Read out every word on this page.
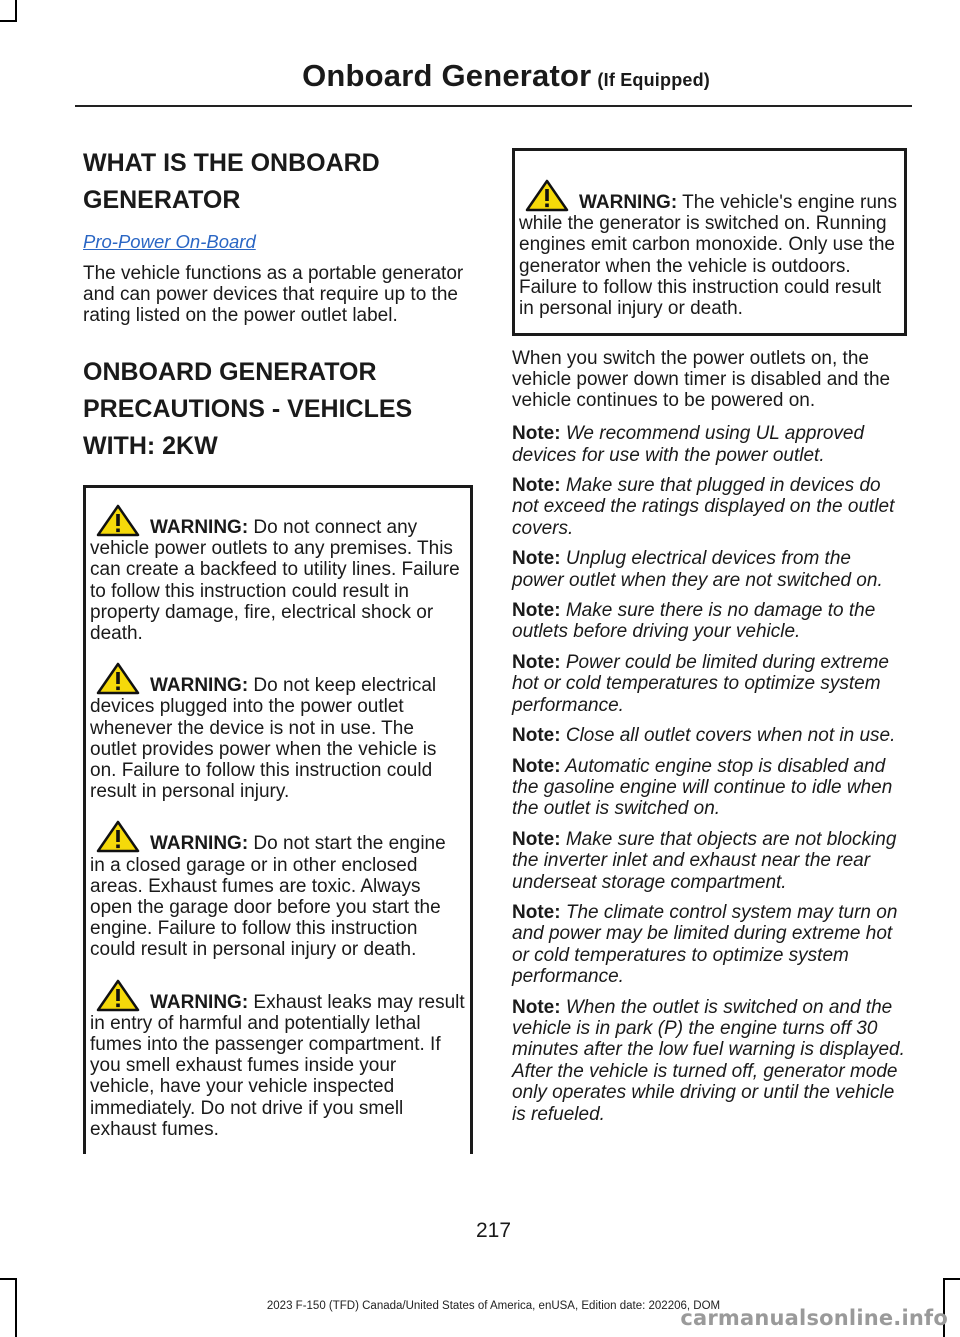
Onboard Generator (If Equipped)
WHAT IS THE ONBOARD
GENERATOR
Pro-Power On-Board
The vehicle functions as a portable generator and can power devices that require up to the rating listed on the power outlet label.
ONBOARD GENERATOR
PRECAUTIONS - VEHICLES
WITH: 2KW
WARNING: Do not connect any vehicle power outlets to any premises. This can create a backfeed to utility lines. Failure to follow this instruction could result in property damage, fire, electrical shock or death.
WARNING: Do not keep electrical devices plugged into the power outlet whenever the device is not in use. The outlet provides power when the vehicle is on. Failure to follow this instruction could result in personal injury.
WARNING: Do not start the engine in a closed garage or in other enclosed areas. Exhaust fumes are toxic. Always open the garage door before you start the engine. Failure to follow this instruction could result in personal injury or death.
WARNING: Exhaust leaks may result in entry of harmful and potentially lethal fumes into the passenger compartment. If you smell exhaust fumes inside your vehicle, have your vehicle inspected immediately. Do not drive if you smell exhaust fumes.
WARNING: The vehicle's engine runs while the generator is switched on. Running engines emit carbon monoxide. Only use the generator when the vehicle is outdoors. Failure to follow this instruction could result in personal injury or death.
When you switch the power outlets on, the vehicle power down timer is disabled and the vehicle continues to be powered on.
Note: We recommend using UL approved devices for use with the power outlet.
Note: Make sure that plugged in devices do not exceed the ratings displayed on the outlet covers.
Note: Unplug electrical devices from the power outlet when they are not switched on.
Note: Make sure there is no damage to the outlets before driving your vehicle.
Note: Power could be limited during extreme hot or cold temperatures to optimize system performance.
Note: Close all outlet covers when not in use.
Note: Automatic engine stop is disabled and the gasoline engine will continue to idle when the outlet is switched on.
Note: Make sure that objects are not blocking the inverter inlet and exhaust near the rear underseat storage compartment.
Note: The climate control system may turn on and power may be limited during extreme hot or cold temperatures to optimize system performance.
Note: When the outlet is switched on and the vehicle is in park (P) the engine turns off 30 minutes after the low fuel warning is displayed. After the vehicle is turned off, generator mode only operates while driving or until the vehicle is refueled.
217
2023 F-150 (TFD) Canada/United States of America, enUSA, Edition date: 202206, DOM
carmanualsonline.info
